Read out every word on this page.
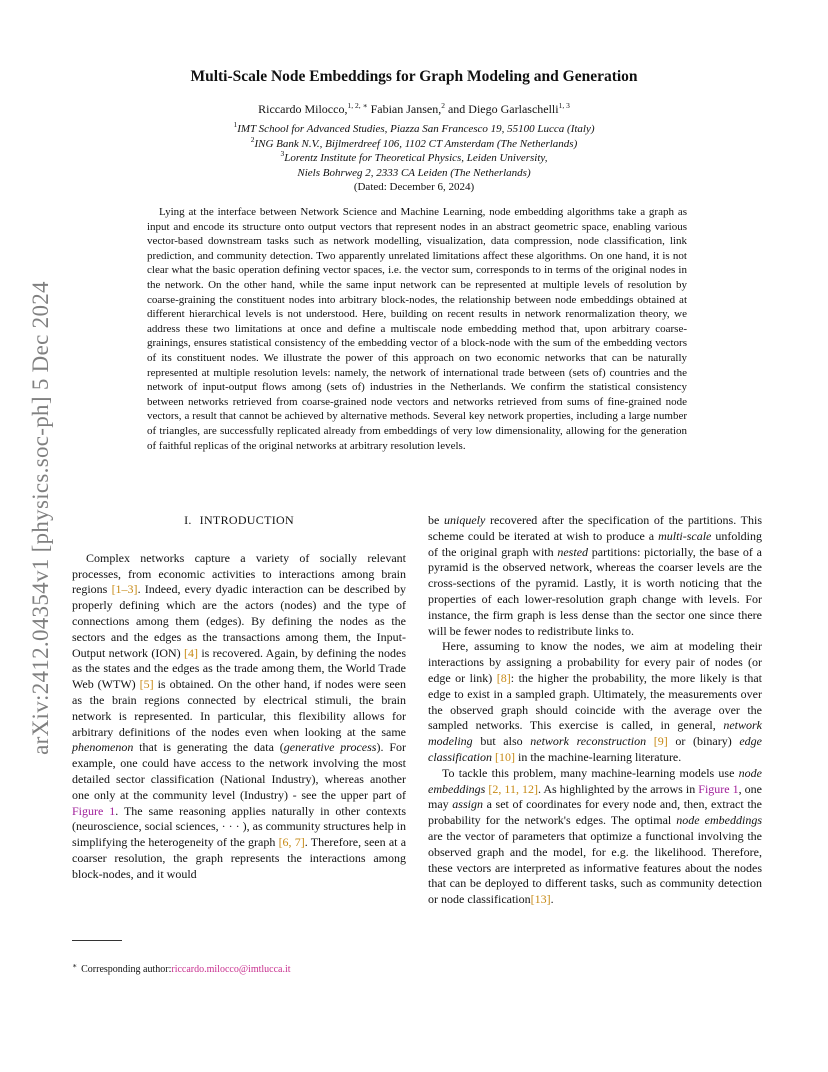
arXiv:2412.04354v1 [physics.soc-ph] 5 Dec 2024
Multi-Scale Node Embeddings for Graph Modeling and Generation
Riccardo Milocco,$^{1, 2, ∗}$ Fabian Jansen,$^2$ and Diego Garlaschelli$^{1, 3}$
$^1$IMT School for Advanced Studies, Piazza San Francesco 19, 55100 Lucca (Italy)
$^2$ING Bank N.V., Bijlmerdreef 106, 1102 CT Amsterdam (The Netherlands)
$^3$Lorentz Institute for Theoretical Physics, Leiden University,
Niels Bohrweg 2, 2333 CA Leiden (The Netherlands)
(Dated: December 6, 2024)
Lying at the interface between Network Science and Machine Learning, node embedding algorithms take a graph as input and encode its structure onto output vectors that represent nodes in an abstract geometric space, enabling various vector-based downstream tasks such as network modelling, visualization, data compression, node classification, link prediction, and community detection. Two apparently unrelated limitations affect these algorithms. On one hand, it is not clear what the basic operation defining vector spaces, i.e. the vector sum, corresponds to in terms of the original nodes in the network. On the other hand, while the same input network can be represented at multiple levels of resolution by coarse-graining the constituent nodes into arbitrary block-nodes, the relationship between node embeddings obtained at different hierarchical levels is not understood. Here, building on recent results in network renormalization theory, we address these two limitations at once and define a multiscale node embedding method that, upon arbitrary coarse-grainings, ensures statistical consistency of the embedding vector of a block-node with the sum of the embedding vectors of its constituent nodes. We illustrate the power of this approach on two economic networks that can be naturally represented at multiple resolution levels: namely, the network of international trade between (sets of) countries and the network of input-output flows among (sets of) industries in the Netherlands. We confirm the statistical consistency between networks retrieved from coarse-grained node vectors and networks retrieved from sums of fine-grained node vectors, a result that cannot be achieved by alternative methods. Several key network properties, including a large number of triangles, are successfully replicated already from embeddings of very low dimensionality, allowing for the generation of faithful replicas of the original networks at arbitrary resolution levels.
I. INTRODUCTION

Complex networks capture a variety of socially relevant processes, from economic activities to interactions among brain regions [1–3]. Indeed, every dyadic interaction can be described by properly defining which are the actors (nodes) and the type of connections among them (edges). By defining the nodes as the sectors and the edges as the transactions among them, the Input-Output network (ION) [4] is recovered. Again, by defining the nodes as the states and the edges as the trade among them, the World Trade Web (WTW) [5] is obtained. On the other hand, if nodes were seen as the brain regions connected by electrical stimuli, the brain network is represented. In particular, this flexibility allows for arbitrary definitions of the nodes even when looking at the same phenomenon that is generating the data (generative process). For example, one could have access to the network involving the most detailed sector classification (National Industry), whereas another one only at the community level (Industry) - see the upper part of Figure 1. The same reasoning applies naturally in other contexts (neuroscience, social sciences, · · · ), as community structures help in simplifying the heterogeneity of the graph [6, 7]. Therefore, seen at a coarser resolution, the graph represents the interactions among block-nodes, and it would

be uniquely recovered after the specification of the partitions. This scheme could be iterated at wish to produce a multi-scale unfolding of the original graph with nested partitions: pictorially, the base of a pyramid is the observed network, whereas the coarser levels are the cross-sections of the pyramid. Lastly, it is worth noticing that the properties of each lower-resolution graph change with levels. For instance, the firm graph is less dense than the sector one since there will be fewer nodes to redistribute links to.

Here, assuming to know the nodes, we aim at modeling their interactions by assigning a probability for every pair of nodes (or edge or link) [8]: the higher the probability, the more likely is that edge to exist in a sampled graph. Ultimately, the measurements over the observed graph should coincide with the average over the sampled networks. This exercise is called, in general, network modeling but also network reconstruction [9] or (binary) edge classification [10] in the machine-learning literature.

To tackle this problem, many machine-learning models use node embeddings [2, 11, 12]. As highlighted by the arrows in Figure 1, one may assign a set of coordinates for every node and, then, extract the probability for the network's edges. The optimal node embeddings are the vector of parameters that optimize a functional involving the observed graph and the model, for e.g. the likelihood. Therefore, these vectors are interpreted as informative features about the nodes that can be deployed to different tasks, such as community detection or node classification[13].

∗ Corresponding author:riccardo.milocco@imtlucca.it
